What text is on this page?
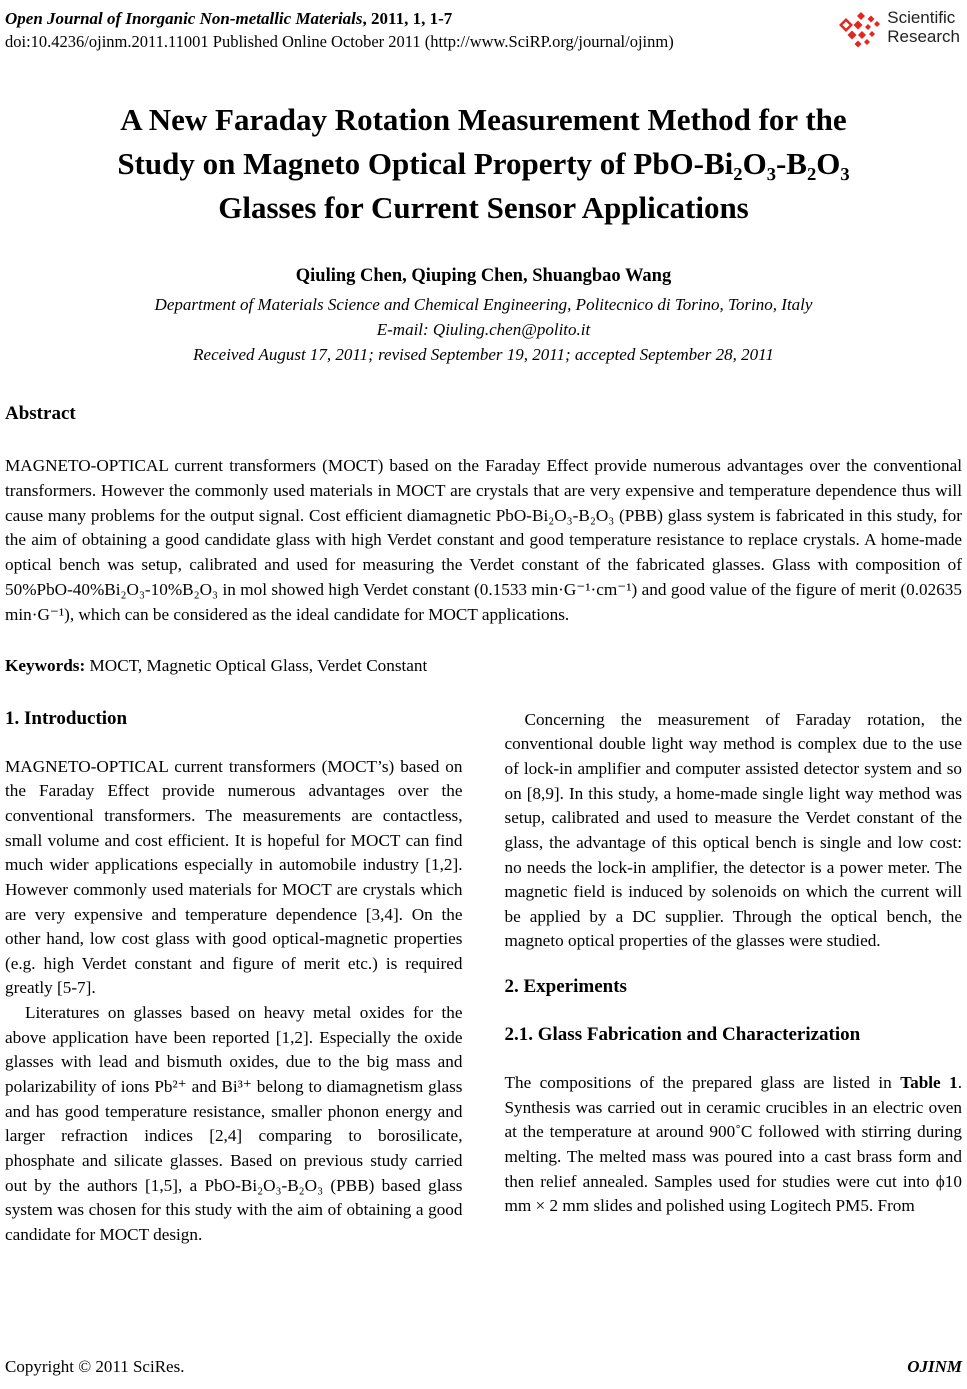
Open Journal of Inorganic Non-metallic Materials, 2011, 1, 1-7
doi:10.4236/ojinm.2011.11001 Published Online October 2011 (http://www.SciRP.org/journal/ojinm)
Scientific
Research
A New Faraday Rotation Measurement Method for the
Study on Magneto Optical Property of PbO-Bi₂O₃-B₂O₃
Glasses for Current Sensor Applications
Qiuling Chen, Qiuping Chen, Shuangbao Wang
Department of Materials Science and Chemical Engineering, Politecnico di Torino, Torino, Italy
E-mail: Qiuling.chen@polito.it
Received August 17, 2011; revised September 19, 2011; accepted September 28, 2011
Abstract
MAGNETO-OPTICAL current transformers (MOCT) based on the Faraday Effect provide numerous advantages over the conventional transformers. However the commonly used materials in MOCT are crystals that are very expensive and temperature dependence thus will cause many problems for the output signal. Cost efficient diamagnetic PbO-Bi₂O₃-B₂O₃ (PBB) glass system is fabricated in this study, for the aim of obtaining a good candidate glass with high Verdet constant and good temperature resistance to replace crystals. A home-made optical bench was setup, calibrated and used for measuring the Verdet constant of the fabricated glasses. Glass with composition of 50%PbO-40%Bi₂O₃-10%B₂O₃ in mol showed high Verdet constant (0.1533 min·G⁻¹·cm⁻¹) and good value of the figure of merit (0.02635 min·G⁻¹), which can be considered as the ideal candidate for MOCT applications.
Keywords: MOCT, Magnetic Optical Glass, Verdet Constant
1. Introduction

MAGNETO-OPTICAL current transformers (MOCT’s) based on the Faraday Effect provide numerous advantages over the conventional transformers. The measurements are contactless, small volume and cost efficient. It is hopeful for MOCT can find much wider applications especially in automobile industry [1,2]. However commonly used materials for MOCT are crystals which are very expensive and temperature dependence [3,4]. On the other hand, low cost glass with good optical-magnetic properties (e.g. high Verdet constant and figure of merit etc.) is required greatly [5-7].

Literatures on glasses based on heavy metal oxides for the above application have been reported [1,2]. Especially the oxide glasses with lead and bismuth oxides, due to the big mass and polarizability of ions Pb²⁺ and Bi³⁺ belong to diamagnetism glass and has good temperature resistance, smaller phonon energy and larger refraction indices [2,4] comparing to borosilicate, phosphate and silicate glasses. Based on previous study carried out by the authors [1,5], a PbO-Bi₂O₃-B₂O₃ (PBB) based glass system was chosen for this study with the aim of obtaining a good candidate for MOCT design.

Concerning the measurement of Faraday rotation, the conventional double light way method is complex due to the use of lock-in amplifier and computer assisted detector system and so on [8,9]. In this study, a home-made single light way method was setup, calibrated and used to measure the Verdet constant of the glass, the advantage of this optical bench is single and low cost: no needs the lock-in amplifier, the detector is a power meter. The magnetic field is induced by solenoids on which the current will be applied by a DC supplier. Through the optical bench, the magneto optical properties of the glasses were studied.

2. Experiments
2.1. Glass Fabrication and Characterization

The compositions of the prepared glass are listed in Table 1. Synthesis was carried out in ceramic crucibles in an electric oven at the temperature at around 900˚C followed with stirring during melting. The melted mass was poured into a cast brass form and then relief annealed. Samples used for studies were cut into ϕ10 mm × 2 mm slides and polished using Logitech PM5. From

Copyright © 2011 SciRes.	OJINM
